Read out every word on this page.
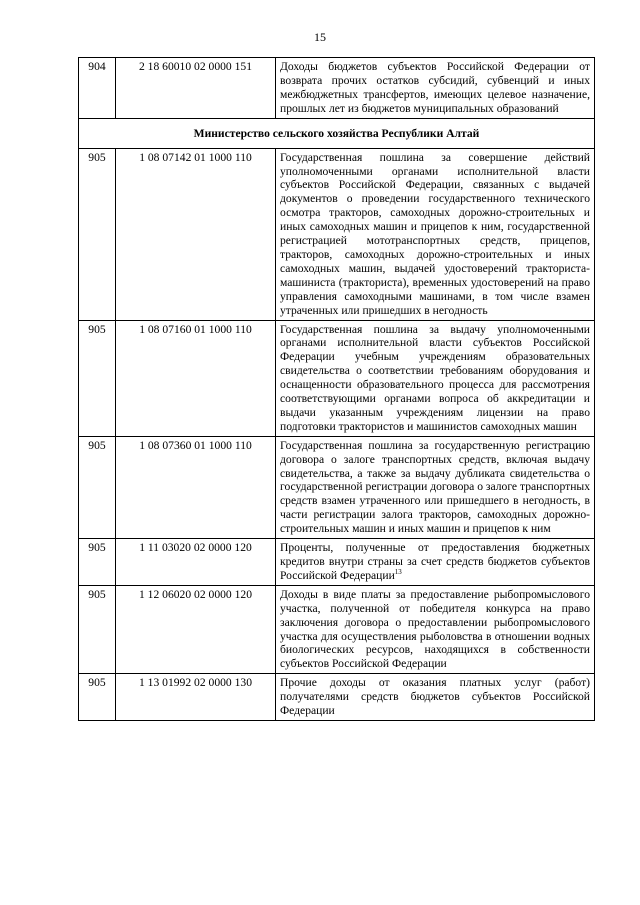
15
904	2 18 60010 02 0000 151	Доходы бюджетов субъектов Российской Федерации от возврата прочих остатков субсидий, субвенций и иных межбюджетных трансфертов, имеющих целевое назначение, прошлых лет из бюджетов муниципальных образований
Министерство сельского хозяйства Республики Алтай		
905	1 08 07142 01 1000 110	Государственная пошлина за совершение действий уполномоченными органами исполнительной власти субъектов Российской Федерации, связанных с выдачей документов о проведении государственного технического осмотра тракторов, самоходных дорожно-строительных и иных самоходных машин и прицепов к ним, государственной регистрацией мототранспортных средств, прицепов, тракторов, самоходных дорожно-строительных и иных самоходных машин, выдачей удостоверений тракториста-машиниста (тракториста), временных удостоверений на право управления самоходными машинами, в том числе взамен утраченных или пришедших в негодность
905	1 08 07160 01 1000 110	Государственная пошлина за выдачу уполномоченными органами исполнительной власти субъектов Российской Федерации учебным учреждениям образовательных свидетельства о соответствии требованиям оборудования и оснащенности образовательного процесса для рассмотрения соответствующими органами вопроса об аккредитации и выдачи указанным учреждениям лицензии на право подготовки трактористов и машинистов самоходных машин
905	1 08 07360 01 1000 110	Государственная пошлина за государственную регистрацию договора о залоге транспортных средств, включая выдачу свидетельства, а также за выдачу дубликата свидетельства о государственной регистрации договора о залоге транспортных средств взамен утраченного или пришедшего в негодность, в части регистрации залога тракторов, самоходных дорожно-строительных машин и иных машин и прицепов к ним
905	1 11 03020 02 0000 120	Проценты, полученные от предоставления бюджетных кредитов внутри страны за счет средств бюджетов субъектов Российской Федерации$^{13}$
905	1 12 06020 02 0000 120	Доходы в виде платы за предоставление рыбопромыслового участка, полученной от победителя конкурса на право заключения договора о предоставлении рыбопромыслового участка для осуществления рыболовства в отношении водных биологических ресурсов, находящихся в собственности субъектов Российской Федерации
905	1 13 01992 02 0000 130	Прочие доходы от оказания платных услуг (работ) получателями средств бюджетов субъектов Российской Федерации
